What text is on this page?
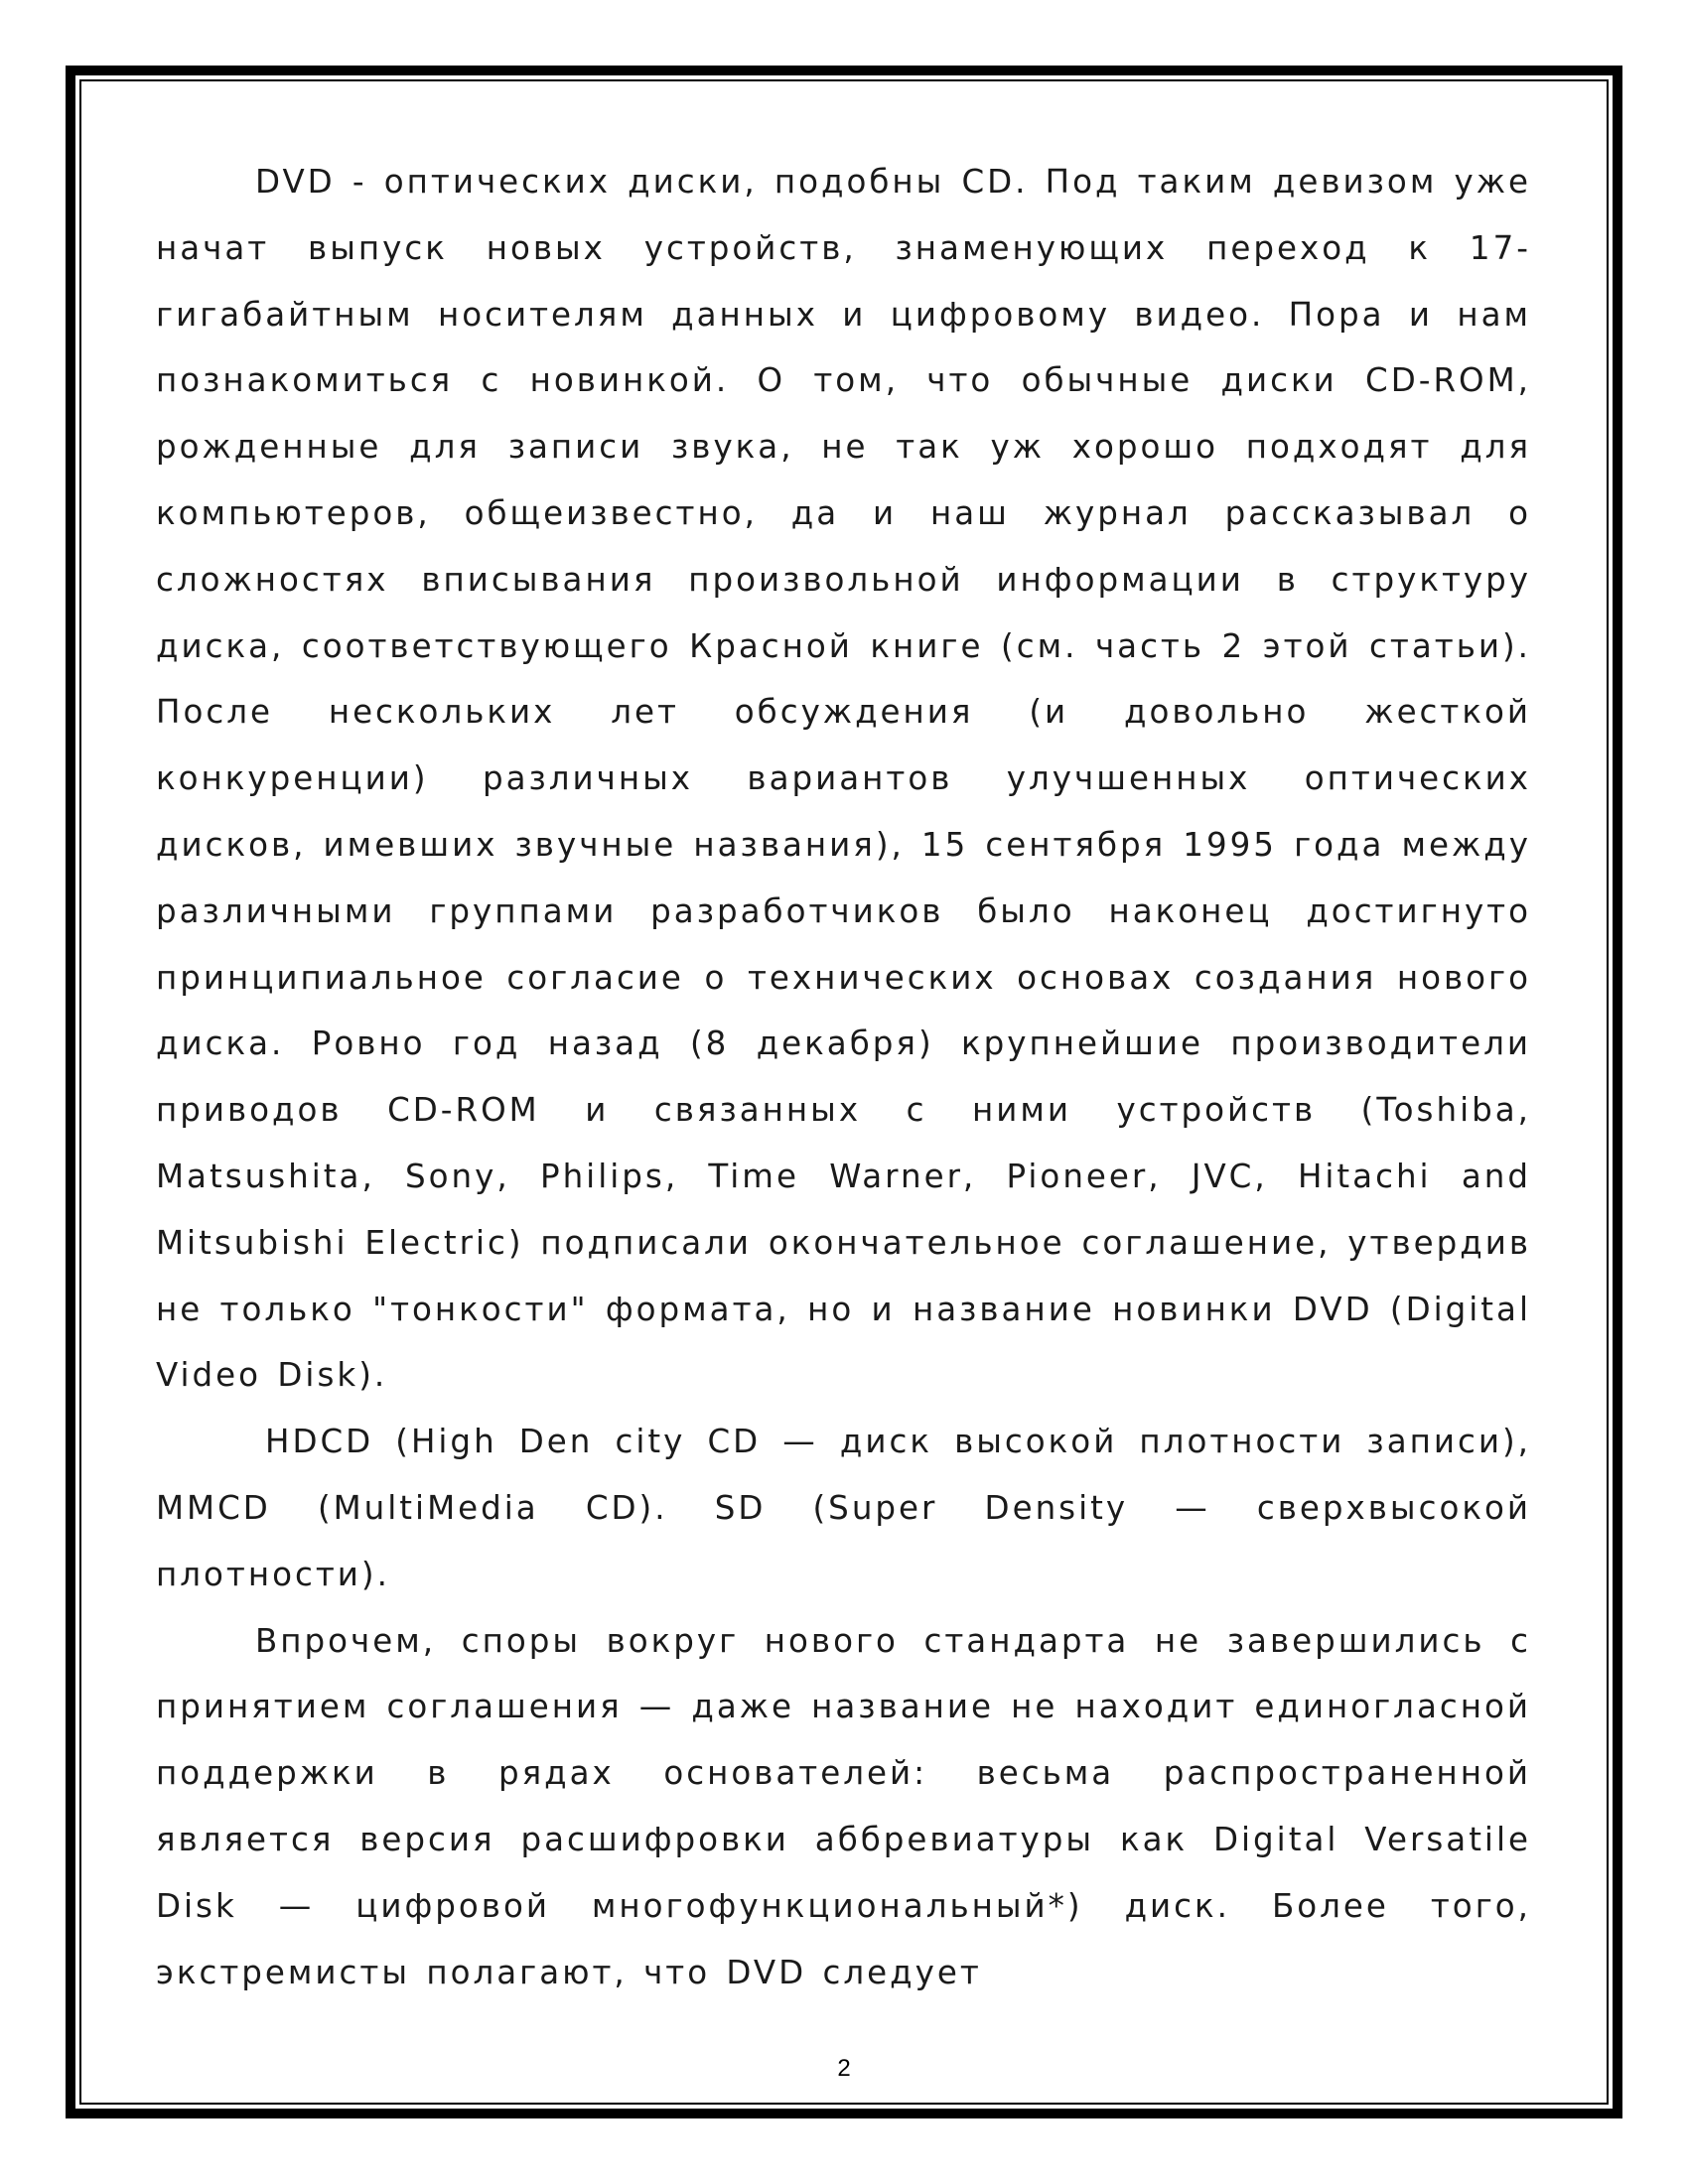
DVD - оптических диски, подобны CD. Под таким девизом уже начат выпуск новых устройств, знаменующих переход к 17-гигабайтным носителям данных и цифровому видео. Пора и нам познакомиться с новинкой. О том, что обычные диски CD-ROM, рожденные для записи звука, не так уж хорошо подходят для компьютеров, общеизвестно, да и наш журнал рассказывал о сложностях вписывания произвольной информации в структуру диска, соответствующего Красной книге (см. часть 2 этой статьи). После нескольких лет обсуждения (и довольно жесткой конкуренции) различных вариантов улучшенных оптических дисков, имевших звучные названия), 15 сентября 1995 года между различными группами разработчиков было наконец достигнуто принципиальное согласие о технических основах создания нового диска. Ровно год назад (8 декабря) крупнейшие производители приводов CD-ROM и связанных с ними устройств (Toshiba, Matsushita, Sony, Philips, Time Warner, Pioneer, JVC, Hitachi and Mitsubishi Electric) подписали окончательное соглашение, утвердив не только "тонкости" формата, но и название новинки DVD (Digital Video Disk).

HDCD (High Den city CD — диск высокой плотности записи), MMCD (MultiMedia CD). SD (Super Density — сверхвысокой плотности).

Впрочем, споры вокруг нового стандарта не завершились с принятием соглашения — даже название не находит единогласной поддержки в рядах основателей: весьма распространенной является версия расшифровки аббревиатуры как Digital Versatile Disk — цифровой многофункциональный*) диск. Более того, экстремисты полагают, что DVD следует

2
